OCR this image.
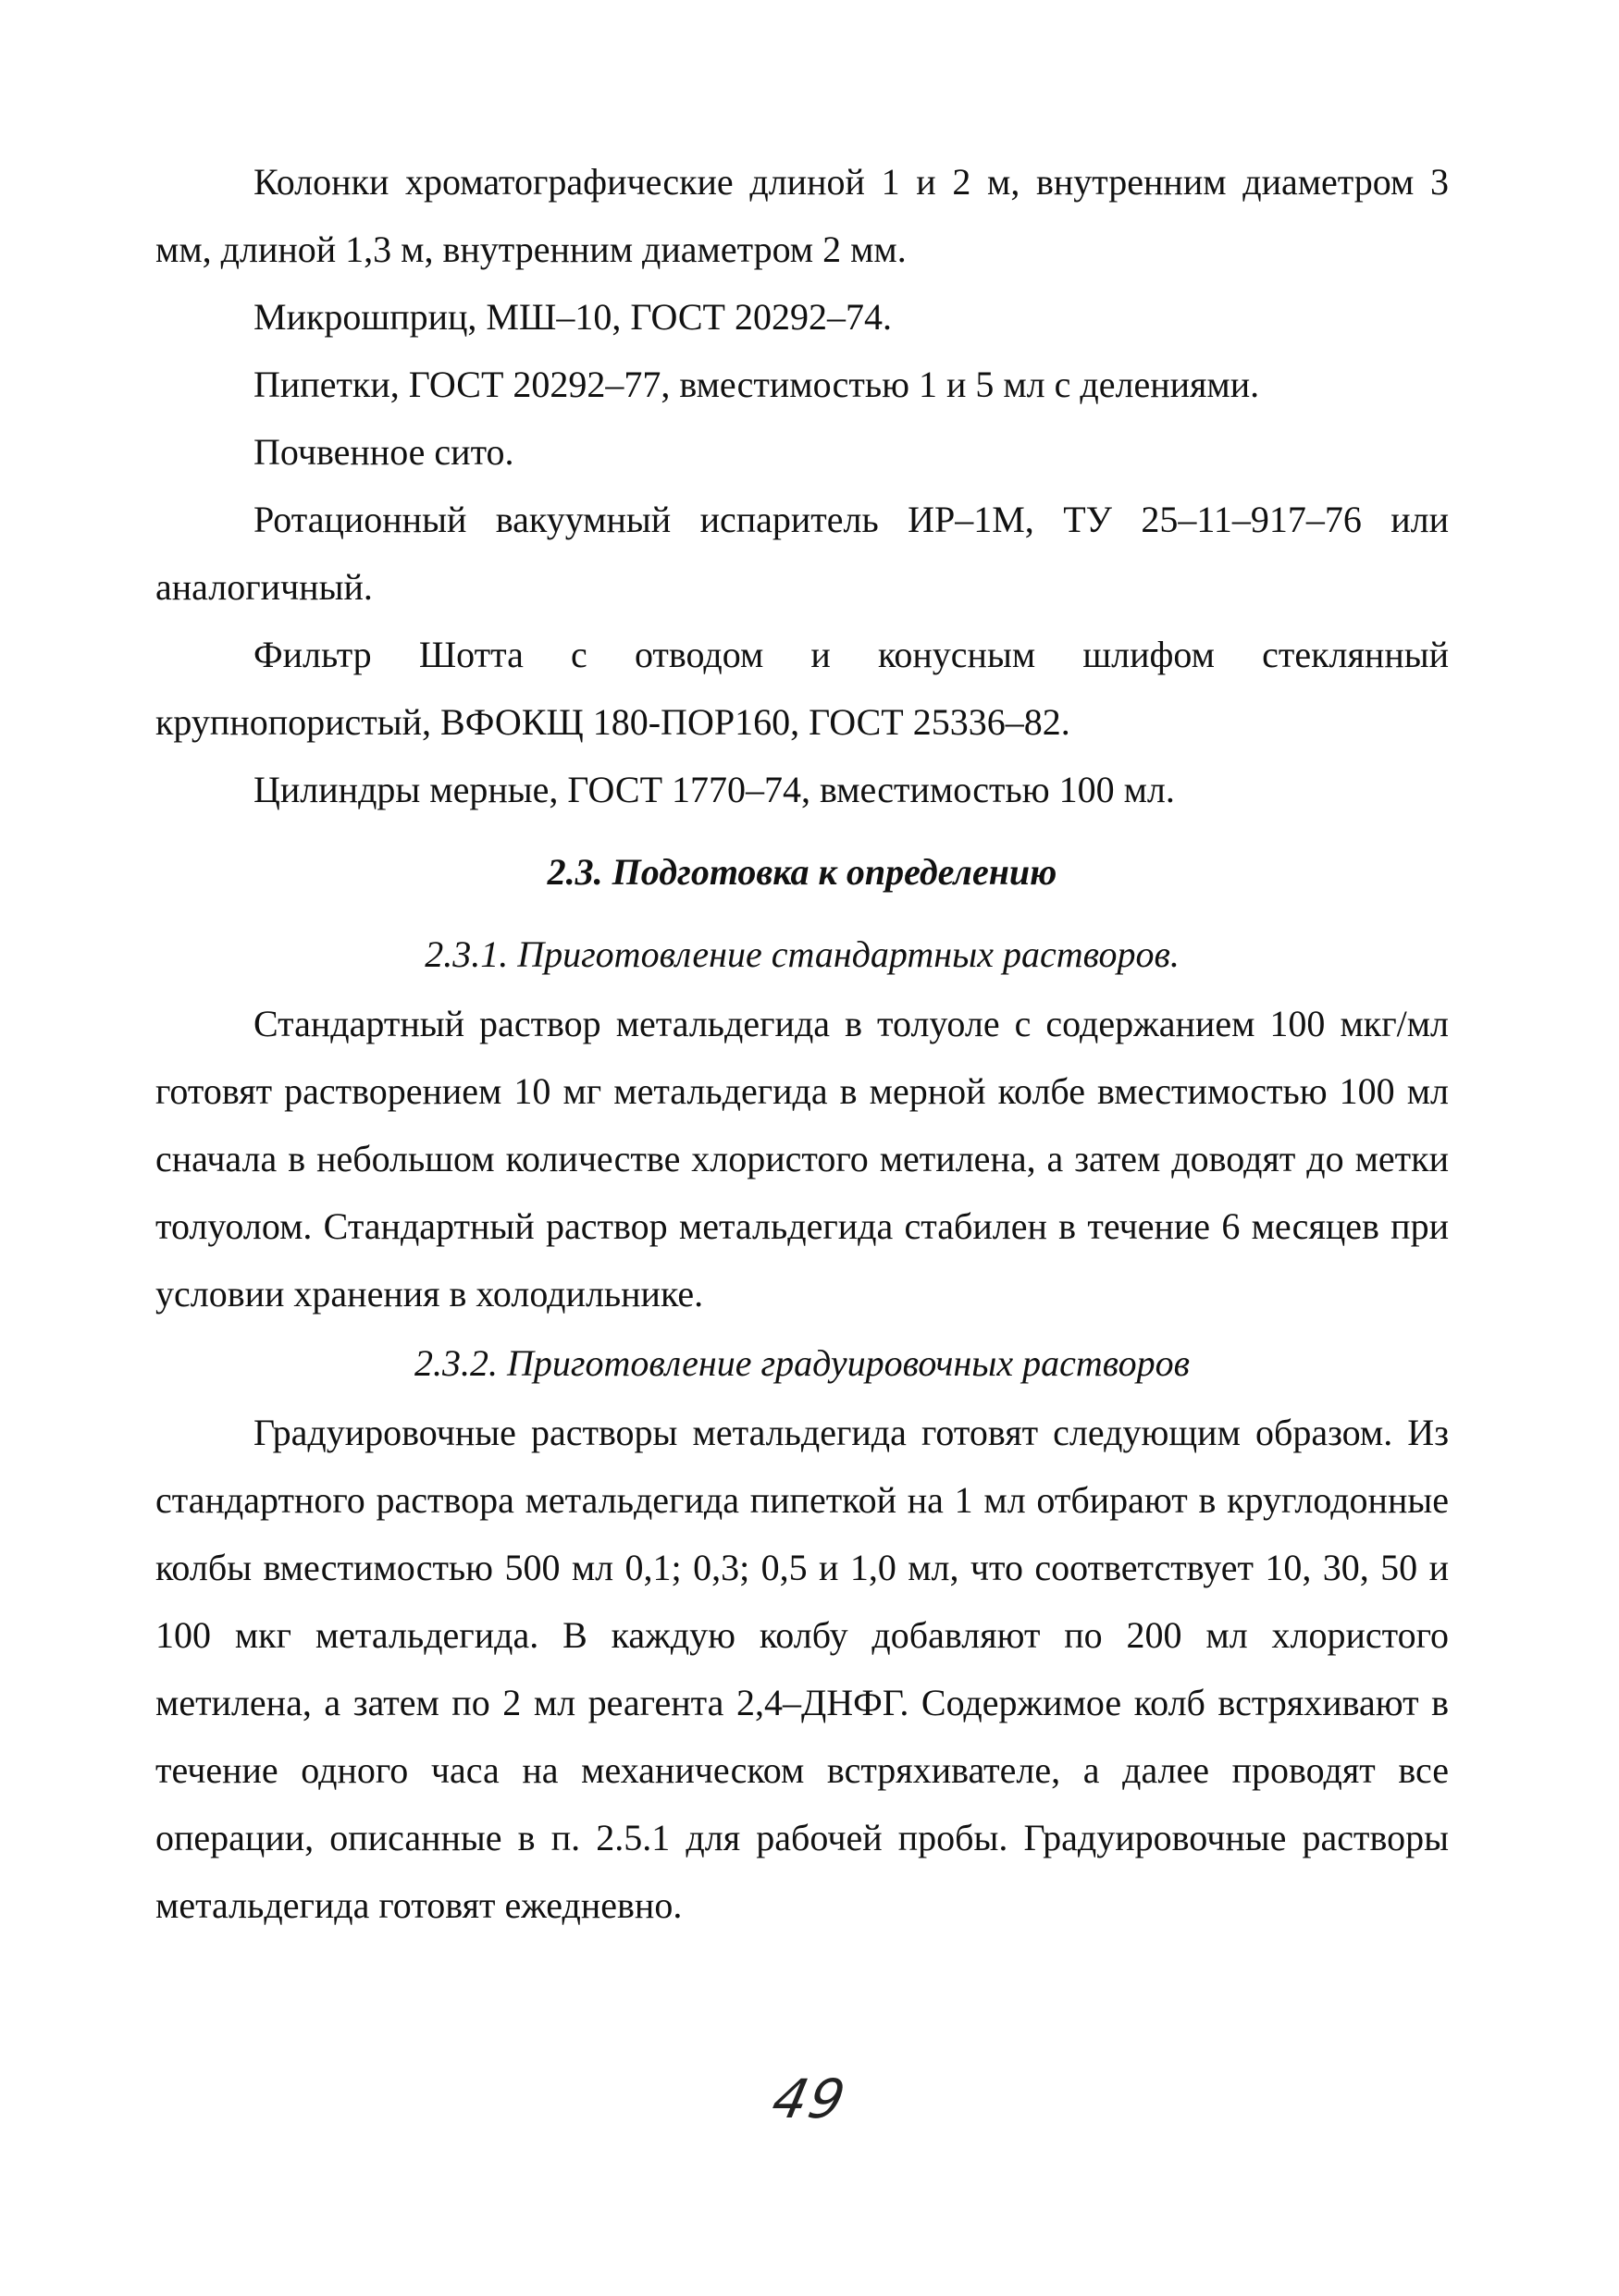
Колонки хроматографические длиной 1 и 2 м, внутренним диаметром 3 мм, длиной 1,3 м, внутренним диаметром 2 мм.

Микрошприц, МШ–10, ГОСТ 20292–74.

Пипетки, ГОСТ 20292–77, вместимостью 1 и 5 мл с делениями.

Почвенное сито.

Ротационный вакуумный испаритель ИР–1М, ТУ 25–11–917–76 или аналогичный.

Фильтр Шотта с отводом и конусным шлифом стеклянный крупнопористый, ВФОКЩ 180-ПОР160, ГОСТ 25336–82.

Цилиндры мерные, ГОСТ 1770–74, вместимостью 100 мл.

2.3. Подготовка к определению
2.3.1. Приготовление стандартных растворов.

Стандартный раствор метальдегида в толуоле с содержанием 100 мкг/мл готовят растворением 10 мг метальдегида в мерной колбе вместимостью 100 мл сначала в небольшом количестве хлористого метилена, а затем доводят до метки толуолом. Стандартный раствор метальдегида стабилен в течение 6 месяцев при условии хранения в холодильнике.

2.3.2. Приготовление градуировочных растворов

Градуировочные растворы метальдегида готовят следующим образом. Из стандартного раствора метальдегида пипеткой на 1 мл отбирают в круглодонные колбы вместимостью 500 мл 0,1; 0,3; 0,5 и 1,0 мл, что соответствует 10, 30, 50 и 100 мкг метальдегида. В каждую колбу добавляют по 200 мл хлористого метилена, а затем по 2 мл реагента 2,4–ДНФГ. Содержимое колб встряхивают в течение одного часа на механическом встряхивателе, а далее проводят все операции, описанные в п. 2.5.1 для рабочей пробы. Градуировочные растворы метальдегида готовят ежедневно.

49
